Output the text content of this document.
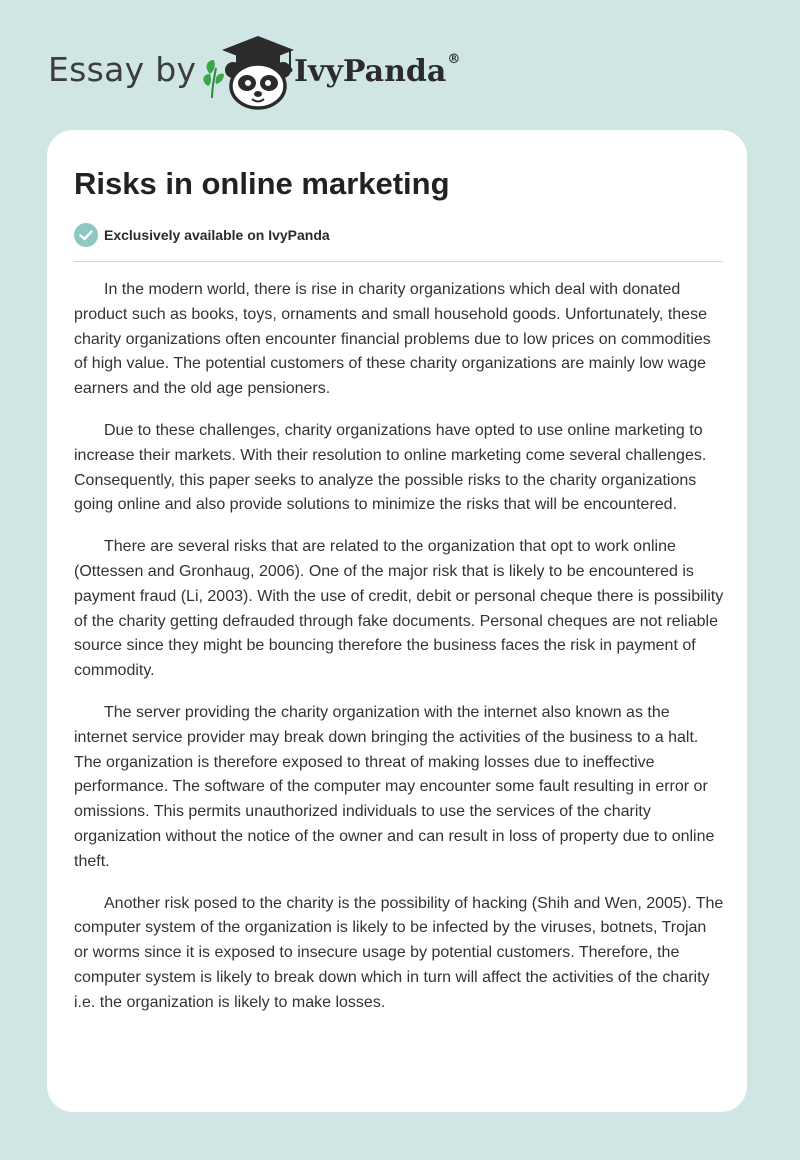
Essay by	IvyPanda®
Risks in online marketing
Exclusively available on IvyPanda

In the modern world, there is rise in charity organizations which deal with donated product such as books, toys, ornaments and small household goods. Unfortunately, these charity organizations often encounter financial problems due to low prices on commodities of high value. The potential customers of these charity organizations are mainly low wage earners and the old age pensioners.

Due to these challenges, charity organizations have opted to use online marketing to increase their markets. With their resolution to online marketing come several challenges. Consequently, this paper seeks to analyze the possible risks to the charity organizations going online and also provide solutions to minimize the risks that will be encountered.

There are several risks that are related to the organization that opt to work online (Ottessen and Gronhaug, 2006). One of the major risk that is likely to be encountered is payment fraud (Li, 2003). With the use of credit, debit or personal cheque there is possibility of the charity getting defrauded through fake documents. Personal cheques are not reliable source since they might be bouncing therefore the business faces the risk in payment of commodity.

The server providing the charity organization with the internet also known as the internet service provider may break down bringing the activities of the business to a halt. The organization is therefore exposed to threat of making losses due to ineffective performance. The software of the computer may encounter some fault resulting in error or omissions. This permits unauthorized individuals to use the services of the charity organization without the notice of the owner and can result in loss of property due to online theft.

Another risk posed to the charity is the possibility of hacking (Shih and Wen, 2005). The computer system of the organization is likely to be infected by the viruses, botnets, Trojan or worms since it is exposed to insecure usage by potential customers. Therefore, the computer system is likely to break down which in turn will affect the activities of the charity i.e. the organization is likely to make losses.
